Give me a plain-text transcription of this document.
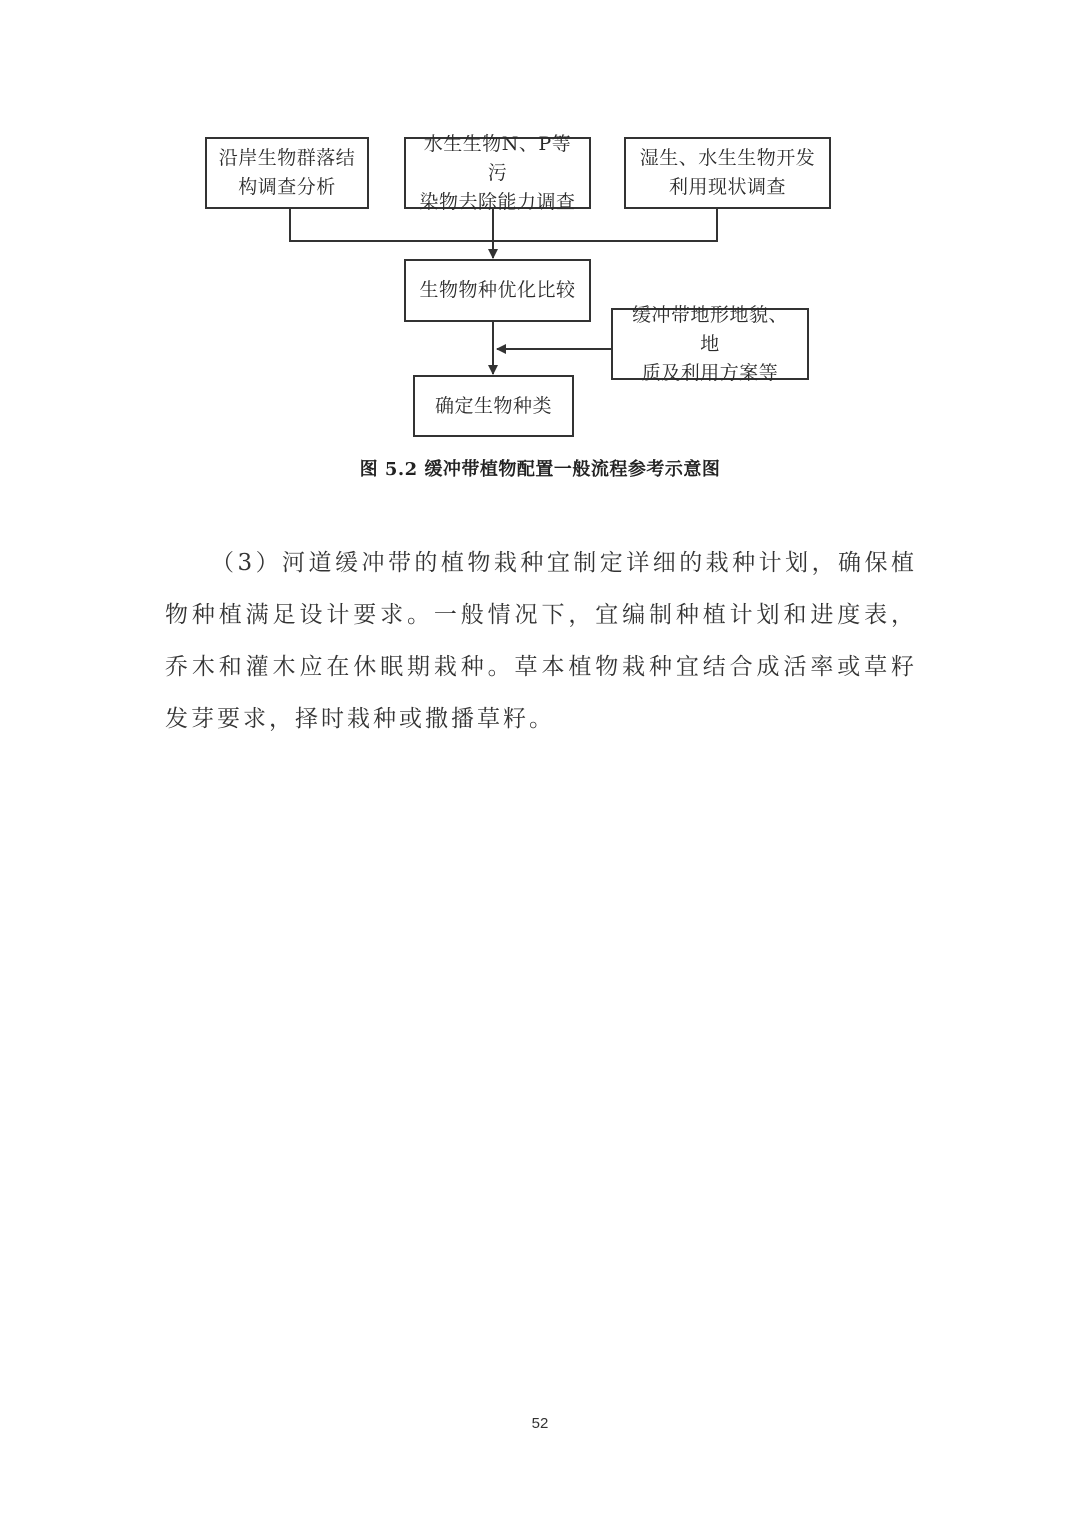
沿岸生物群落结
构调查分析
水生生物N、P等污
染物去除能力调查
湿生、水生生物开发
利用现状调查
生物物种优化比较
缓冲带地形地貌、地
质及利用方案等
确定生物种类
图 5.2 缓冲带植物配置一般流程参考示意图

（3）河道缓冲带的植物栽种宜制定详细的栽种计划，确保植物种植满足设计要求。一般情况下，宜编制种植计划和进度表，乔木和灌木应在休眠期栽种。草本植物栽种宜结合成活率或草籽发芽要求，择时栽种或撒播草籽。

52
